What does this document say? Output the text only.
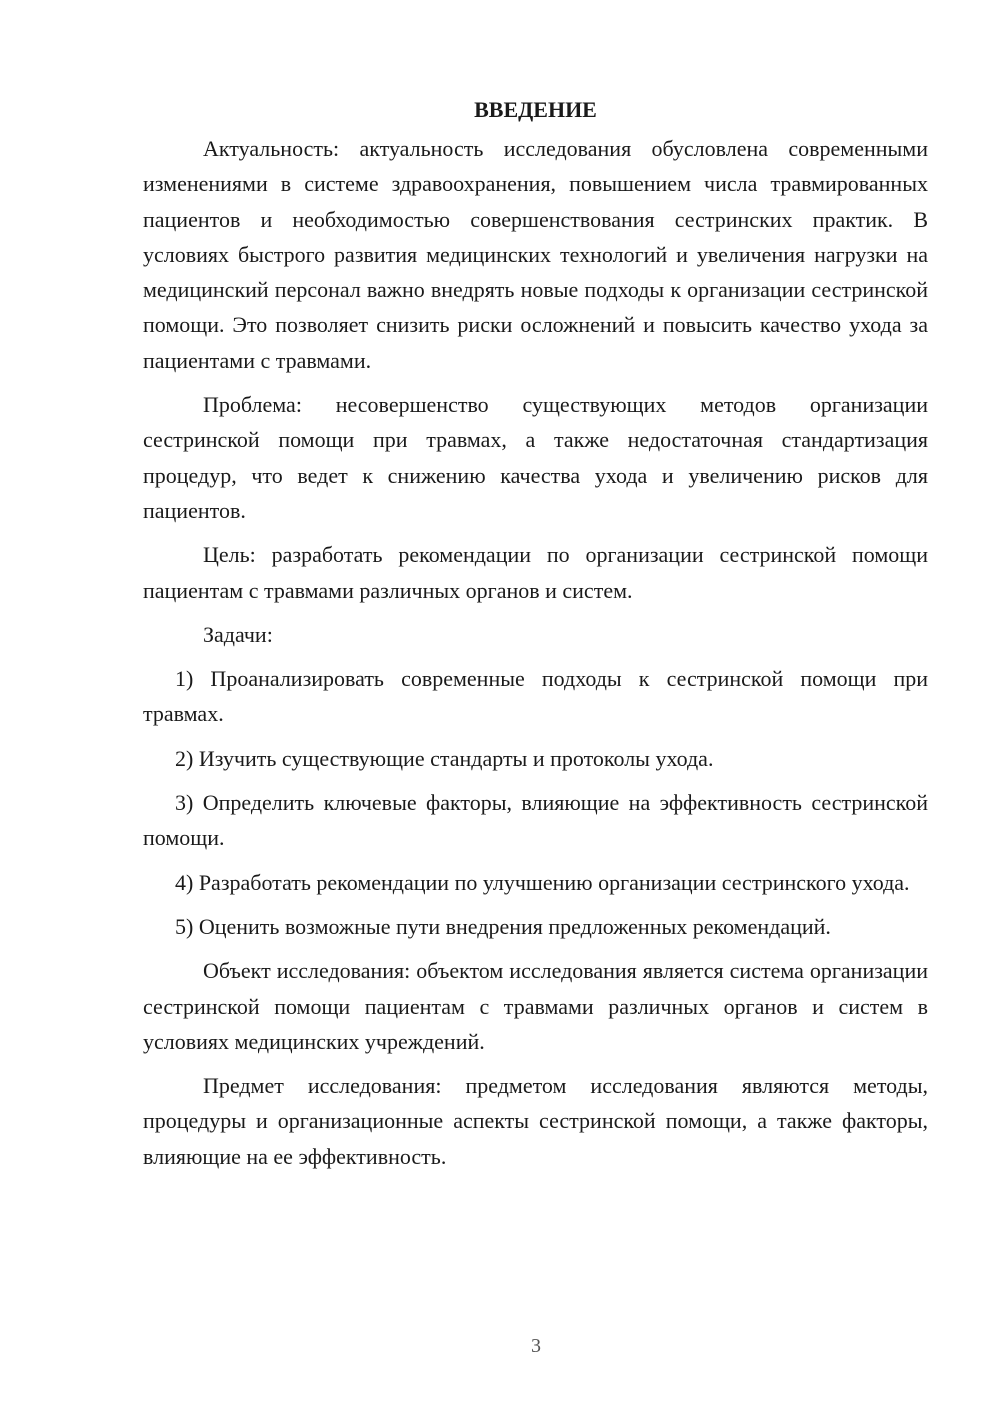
ВВЕДЕНИЕ

Актуальность: актуальность исследования обусловлена современными изменениями в системе здравоохранения, повышением числа травмированных пациентов и необходимостью совершенствования сестринских практик. В условиях быстрого развития медицинских технологий и увеличения нагрузки на медицинский персонал важно внедрять новые подходы к организации сестринской помощи. Это позволяет снизить риски осложнений и повысить качество ухода за пациентами с травмами.

Проблема: несовершенство существующих методов организации сестринской помощи при травмах, а также недостаточная стандартизация процедур, что ведет к снижению качества ухода и увеличению рисков для пациентов.

Цель: разработать рекомендации по организации сестринской помощи пациентам с травмами различных органов и систем.

Задачи:

1) Проанализировать современные подходы к сестринской помощи при травмах.

2) Изучить существующие стандарты и протоколы ухода.

3) Определить ключевые факторы, влияющие на эффективность сестринской помощи.

4) Разработать рекомендации по улучшению организации сестринского ухода.

5) Оценить возможные пути внедрения предложенных рекомендаций.

Объект исследования: объектом исследования является система организации сестринской помощи пациентам с травмами различных органов и систем в условиях медицинских учреждений.

Предмет исследования: предметом исследования являются методы, процедуры и организационные аспекты сестринской помощи, а также факторы, влияющие на ее эффективность.

3
